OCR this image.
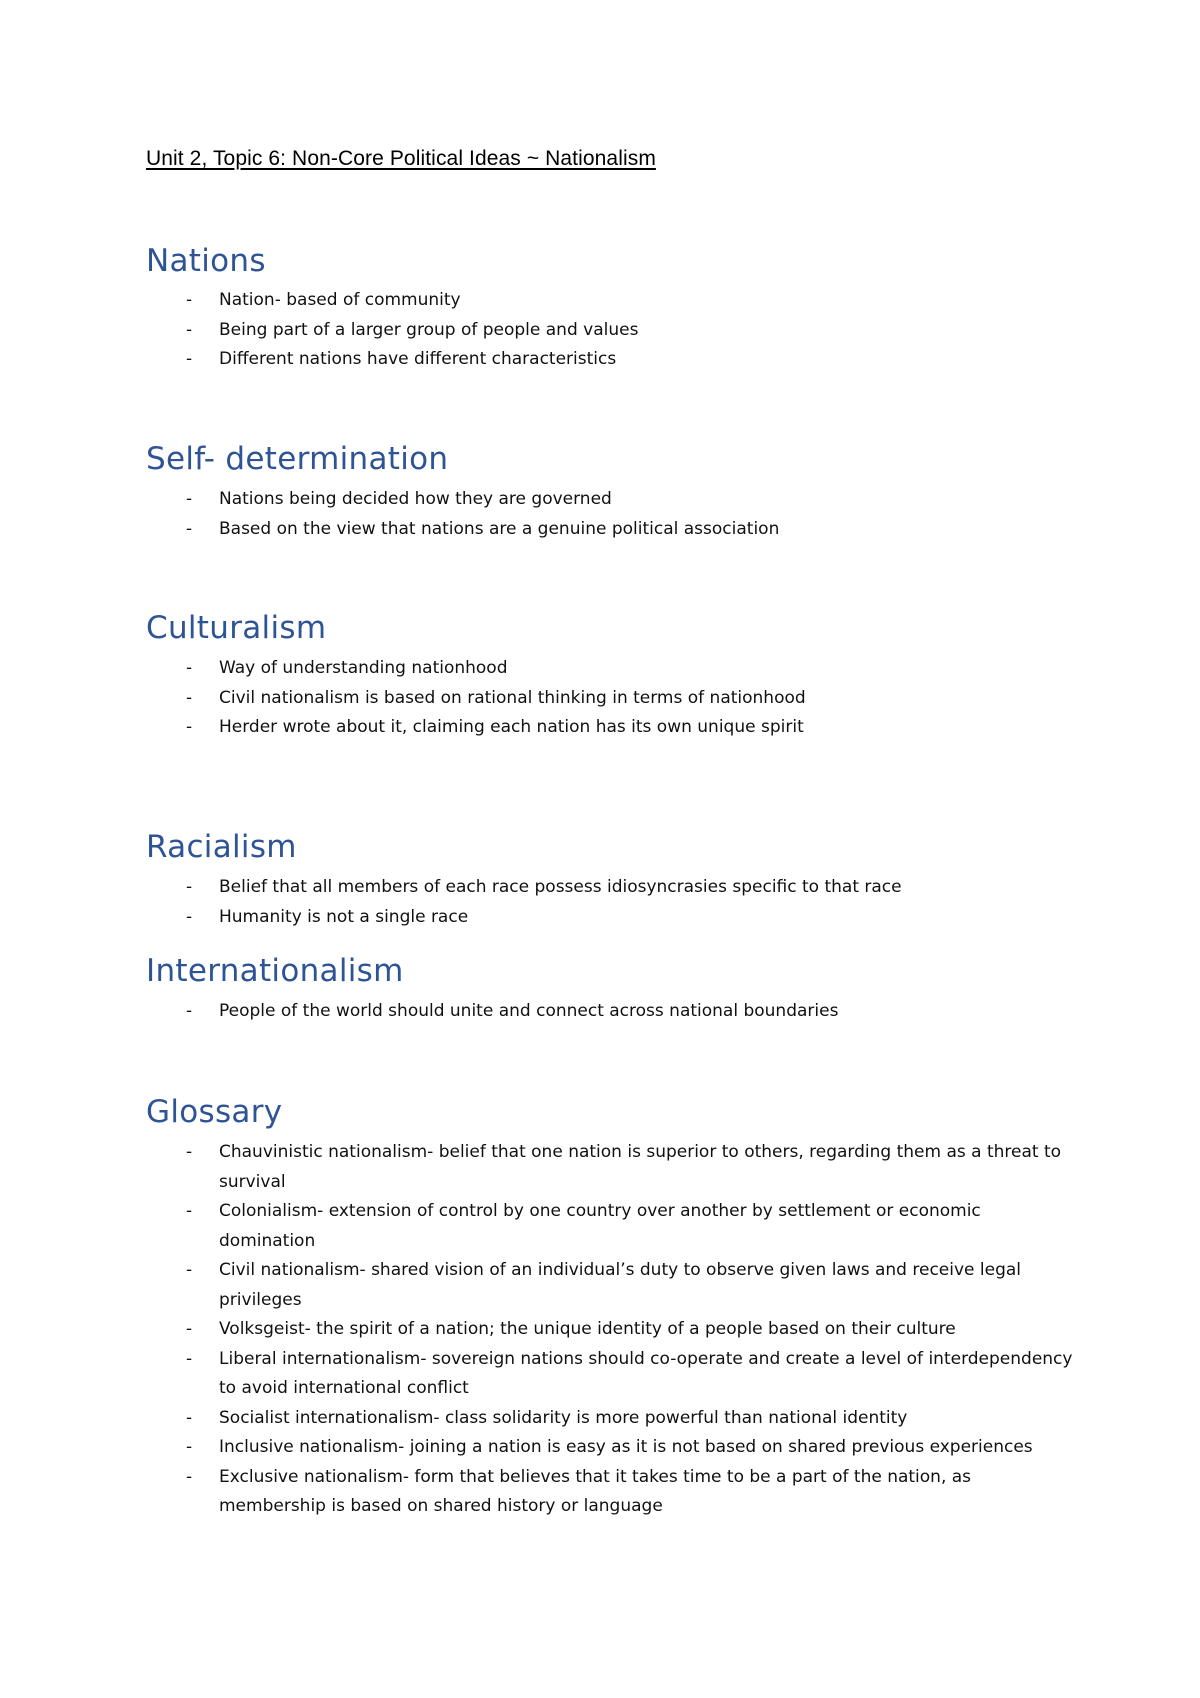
Unit 2, Topic 6: Non-Core Political Ideas ~ Nationalism
Nations
- Nation- based of community
- Being part of a larger group of people and values
- Different nations have different characteristics
Self- determination
- Nations being decided how they are governed
- Based on the view that nations are a genuine political association
Culturalism
- Way of understanding nationhood
- Civil nationalism is based on rational thinking in terms of nationhood
- Herder wrote about it, claiming each nation has its own unique spirit
Racialism
- Belief that all members of each race possess idiosyncrasies specific to that race
- Humanity is not a single race
Internationalism
- People of the world should unite and connect across national boundaries
Glossary
- Chauvinistic nationalism- belief that one nation is superior to others, regarding them as a threat to survival
- Colonialism- extension of control by one country over another by settlement or economic domination
- Civil nationalism- shared vision of an individual’s duty to observe given laws and receive legal privileges
- Volksgeist- the spirit of a nation; the unique identity of a people based on their culture
- Liberal internationalism- sovereign nations should co-operate and create a level of interdependency to avoid international conflict
- Socialist internationalism- class solidarity is more powerful than national identity
- Inclusive nationalism- joining a nation is easy as it is not based on shared previous experiences
- Exclusive nationalism- form that believes that it takes time to be a part of the nation, as membership is based on shared history or language
